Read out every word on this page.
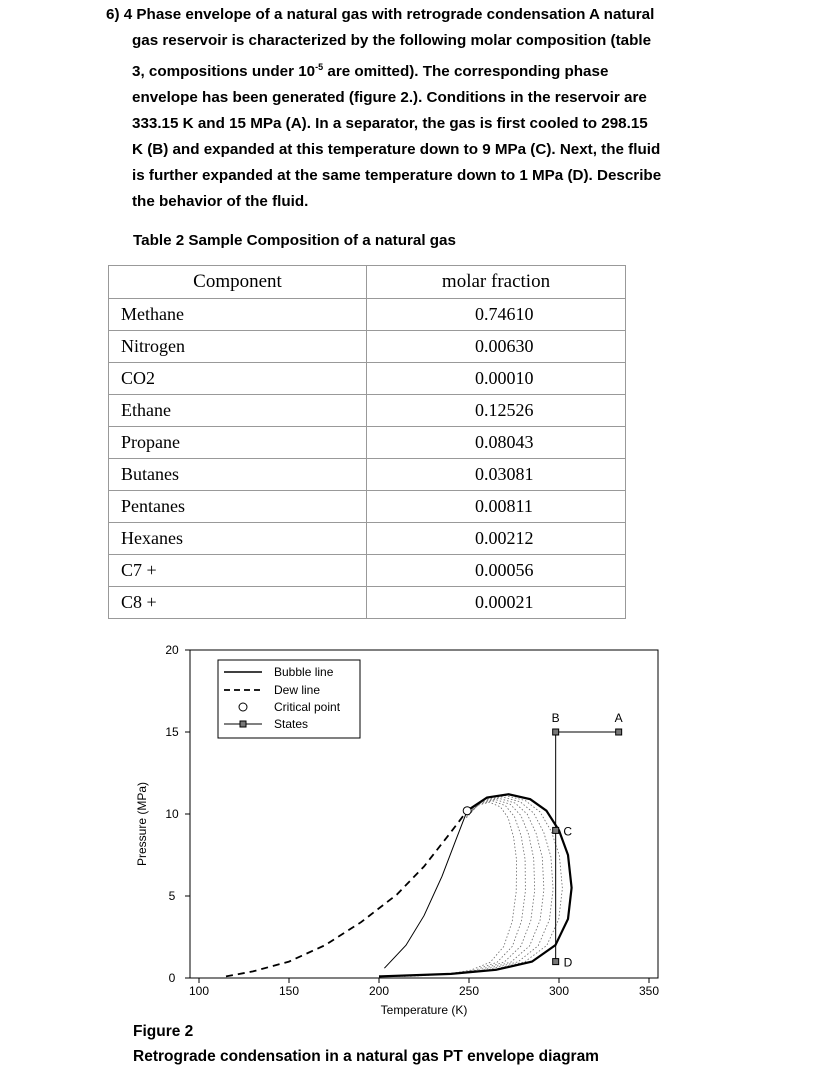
6) 4 Phase envelope of a natural gas with retrograde condensation A natural
gas reservoir is characterized by the following molar composition (table
3, compositions under $10^{-5}$ are omitted). The corresponding phase
envelope has been generated (figure 2.). Conditions in the reservoir are
333.15 K and 15 MPa (A). In a separator, the gas is first cooled to 298.15
K (B) and expanded at this temperature down to 9 MPa (C). Next, the fluid
is further expanded at the same temperature down to 1 MPa (D). Describe
the behavior of the fluid.
Table 2 Sample Composition of a natural gas
Component	molar fraction
Methane	0.74610
Nitrogen	0.00630
CO2	0.00010
Ethane	0.12526
Propane	0.08043
Butanes	0.03081
Pentanes	0.00811
Hexanes	0.00212
C7 +	0.00056
C8 +	0.00021
100	150	200	250	300	350
0
5
10
15
20
Temperature (K)
Pressure (MPa)
A
B
C
D
Bubble line
Dew line
Critical point
States
Figure 2
Retrograde condensation in a natural gas PT envelope diagram
